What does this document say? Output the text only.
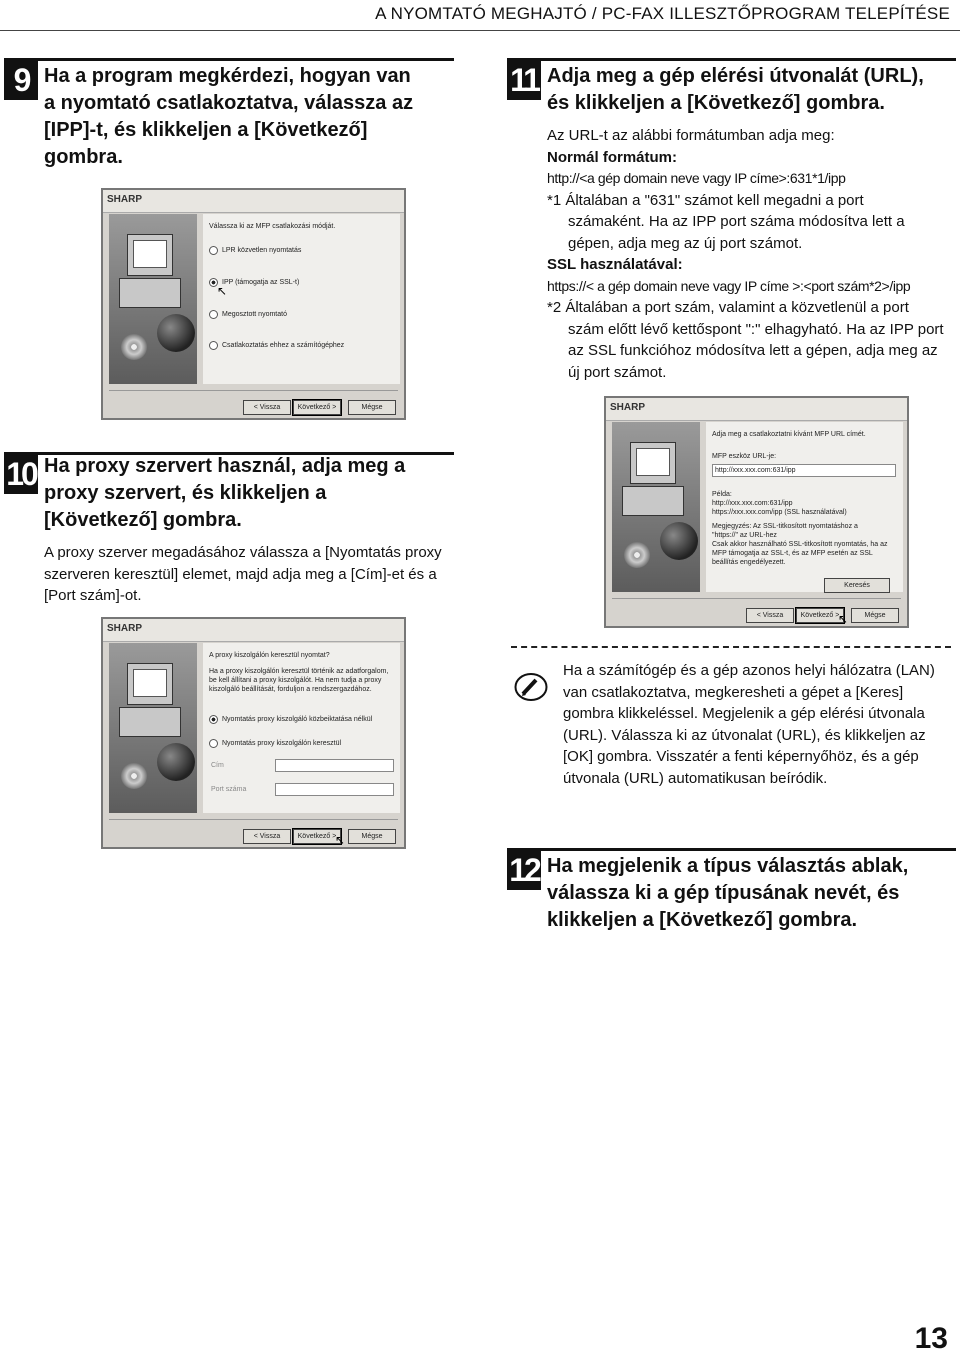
A NYOMTATÓ MEGHAJTÓ / PC-FAX ILLESZTŐPROGRAM TELEPÍTÉSE
9 Ha a program megkérdezi, hogyan van
a nyomtató csatlakoztatva, válassza az
[IPP]-t, és klikkeljen a [Következő]
gombra.
SHARP
Válassza ki az MFP csatlakozási módját.
LPR közvetlen nyomtatás
IPP (támogatja az SSL-t)
Megosztott nyomtató
Csatlakoztatás ehhez a számítógéphez
↖
< Vissza	Következő >	Mégse
10 Ha proxy szervert használ, adja meg a
proxy szervert, és klikkeljen a
[Következő] gombra.
A proxy szerver megadásához válassza a [Nyomtatás proxy szerveren keresztül] elemet, majd adja meg a [Cím]-et és a [Port szám]-ot.
SHARP
A proxy kiszolgálón keresztül nyomtat?
Ha a proxy kiszolgálón keresztül történik az adatforgalom, be kell állítani a proxy kiszolgálót. Ha nem tudja a proxy kiszolgáló beállítását, forduljon a rendszergazdához.
Nyomtatás proxy kiszolgáló közbeiktatása nélkül
Nyomtatás proxy kiszolgálón keresztül
Cím
Port száma
< Vissza	Következő >	Mégse
↖
11 Adja meg a gép elérési útvonalát (URL),
és klikkeljen a [Következő] gombra.
Az URL-t az alábbi formátumban adja meg:
Normál formátum:
http://<a gép domain neve vagy IP címe>:631*1/ipp
*1 Általában a "631" számot kell megadni a port
számaként. Ha az IPP port száma módosítva lett a gépen, adja meg az új port számot.
SSL használatával:
https://< a gép domain neve vagy IP címe >:<port szám*2>/ipp
*2 Általában a port szám, valamint a közvetlenül a port
szám előtt lévő kettőspont ":" elhagyható. Ha az IPP port az SSL funkcióhoz módosítva lett a gépen, adja meg az új port számot.
SHARP
Adja meg a csatlakoztatni kívánt MFP URL címét.
MFP eszköz URL-je:
http://xxx.xxx.com:631/ipp
Példa:
http://xxx.xxx.com:631/ipp
https://xxx.xxx.com/ipp (SSL használatával)
Megjegyzés: Az SSL-titkosított nyomtatáshoz a
"https://" az URL-hez
Csak akkor használható SSL-titkosított nyomtatás, ha az
MFP támogatja az SSL-t, és az MFP esetén az SSL
beállítás engedélyezett.
Keresés
< Vissza	Következő >	Mégse
↖
Ha a számítógép és a gép azonos helyi hálózatra (LAN) van csatlakoztatva, megkeresheti a gépet a [Keres] gombra klikkeléssel. Megjelenik a gép elérési útvonala (URL). Válassza ki az útvonalat (URL), és klikkeljen az [OK] gombra. Visszatér a fenti képernyőhöz, és a gép útvonala (URL) automatikusan beíródik.
12 Ha megjelenik a típus választás ablak,
válassza ki a gép típusának nevét, és
klikkeljen a [Következő] gombra.
13
